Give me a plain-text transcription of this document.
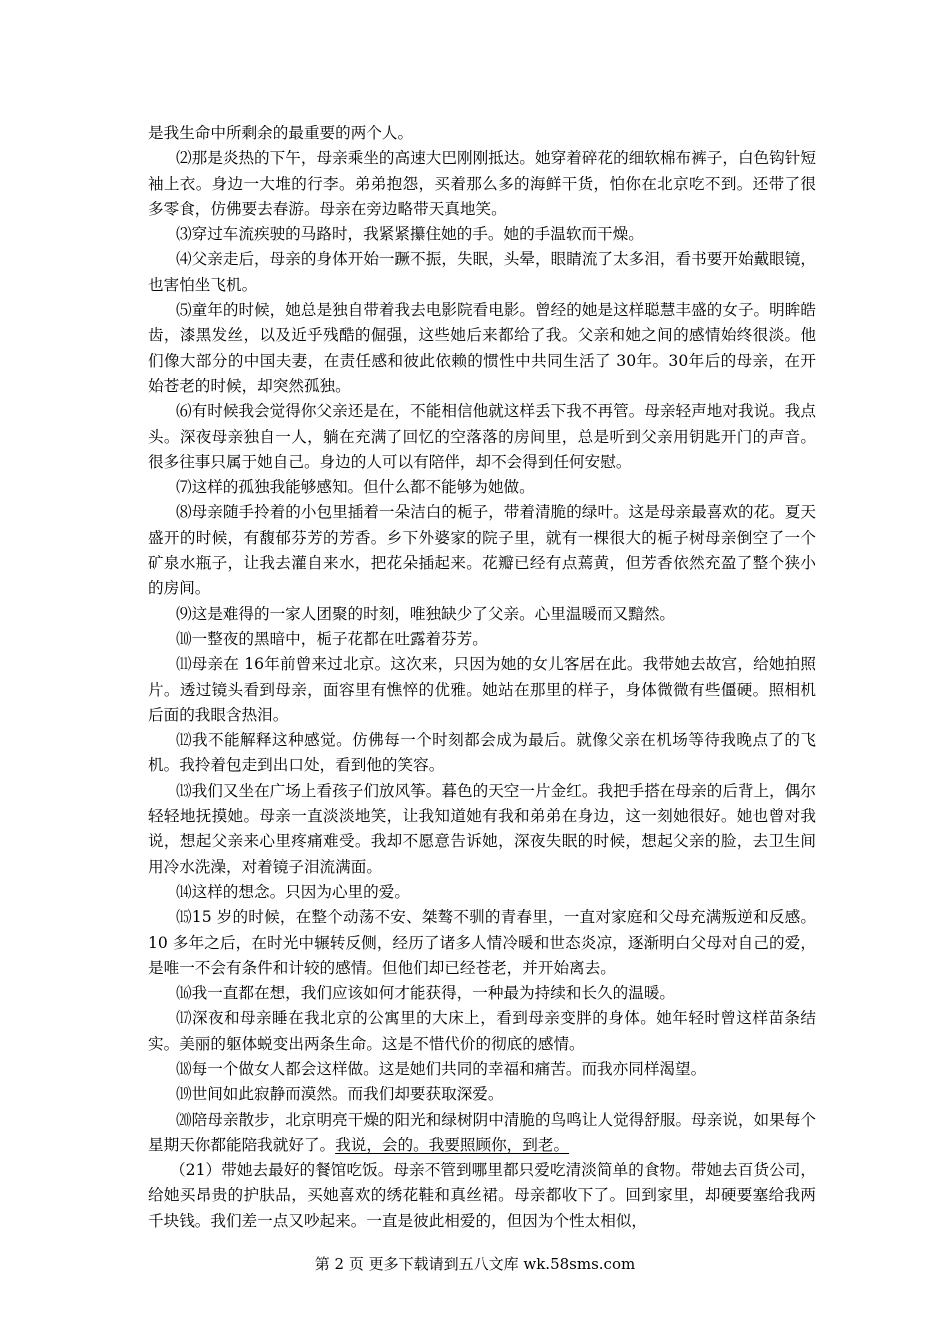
是我生命中所剩余的最重要的两个人。

⑵那是炎热的下午，母亲乘坐的高速大巴刚刚抵达。她穿着碎花的细软棉布裤子，白色钩针短袖上衣。身边一大堆的行李。弟弟抱怨，买着那么多的海鲜干货，怕你在北京吃不到。还带了很多零食，仿佛要去春游。母亲在旁边略带天真地笑。

⑶穿过车流疾驶的马路时，我紧紧攥住她的手。她的手温软而干燥。

⑷父亲走后，母亲的身体开始一蹶不振，失眠，头晕，眼睛流了太多泪，看书要开始戴眼镜，也害怕坐飞机。

⑸童年的时候，她总是独自带着我去电影院看电影。曾经的她是这样聪慧丰盛的女子。明眸皓齿，漆黑发丝，以及近乎残酷的倔强，这些她后来都给了我。父亲和她之间的感情始终很淡。他们像大部分的中国夫妻，在责任感和彼此依赖的惯性中共同生活了 30年。30年后的母亲，在开始苍老的时候，却突然孤独。

⑹有时候我会觉得你父亲还是在，不能相信他就这样丢下我不再管。母亲轻声地对我说。我点头。深夜母亲独自一人，躺在充满了回忆的空落落的房间里，总是听到父亲用钥匙开门的声音。很多往事只属于她自己。身边的人可以有陪伴，却不会得到任何安慰。

⑺这样的孤独我能够感知。但什么都不能够为她做。

⑻母亲随手拎着的小包里插着一朵洁白的栀子，带着清脆的绿叶。这是母亲最喜欢的花。夏天盛开的时候，有馥郁芬芳的芳香。乡下外婆家的院子里，就有一棵很大的栀子树母亲倒空了一个矿泉水瓶子，让我去灌自来水，把花朵插起来。花瓣已经有点蔫黄，但芳香依然充盈了整个狭小的房间。

⑼这是难得的一家人团聚的时刻，唯独缺少了父亲。心里温暖而又黯然。

⑽一整夜的黑暗中，栀子花都在吐露着芬芳。

⑾母亲在 16年前曾来过北京。这次来，只因为她的女儿客居在此。我带她去故宫，给她拍照片。透过镜头看到母亲，面容里有憔悴的优雅。她站在那里的样子，身体微微有些僵硬。照相机后面的我眼含热泪。

⑿我不能解释这种感觉。仿佛每一个时刻都会成为最后。就像父亲在机场等待我晚点了的飞机。我拎着包走到出口处，看到他的笑容。

⒀我们又坐在广场上看孩子们放风筝。暮色的天空一片金红。我把手搭在母亲的后背上，偶尔轻轻地抚摸她。母亲一直淡淡地笑，让我知道她有我和弟弟在身边，这一刻她很好。她也曾对我说，想起父亲来心里疼痛难受。我却不愿意告诉她，深夜失眠的时候，想起父亲的脸，去卫生间用冷水洗澡，对着镜子泪流满面。

⒁这样的想念。只因为心里的爱。

⒂15 岁的时候，在整个动荡不安、桀骜不驯的青春里，一直对家庭和父母充满叛逆和反感。10 多年之后，在时光中辗转反侧，经历了诸多人情冷暖和世态炎凉，逐渐明白父母对自己的爱，是唯一不会有条件和计较的感情。但他们却已经苍老，并开始离去。

⒃我一直都在想，我们应该如何才能获得，一种最为持续和长久的温暖。

⒄深夜和母亲睡在我北京的公寓里的大床上，看到母亲变胖的身体。她年轻时曾这样苗条结实。美丽的躯体蜕变出两条生命。这是不惜代价的彻底的感情。

⒅每一个做女人都会这样做。这是她们共同的幸福和痛苦。而我亦同样渴望。

⒆世间如此寂静而漠然。而我们却要获取深爱。

⒇陪母亲散步，北京明亮干燥的阳光和绿树阴中清脆的鸟鸣让人觉得舒服。母亲说，如果每个星期天你都能陪我就好了。我说，会的。我要照顾你，到老。

（21）带她去最好的餐馆吃饭。母亲不管到哪里都只爱吃清淡简单的食物。带她去百货公司，给她买昂贵的护肤品，买她喜欢的绣花鞋和真丝裙。母亲都收下了。回到家里，却硬要塞给我两千块钱。我们差一点又吵起来。一直是彼此相爱的，但因为个性太相似，

第 2 页 更多下载请到五八文库 wk.58sms.com
